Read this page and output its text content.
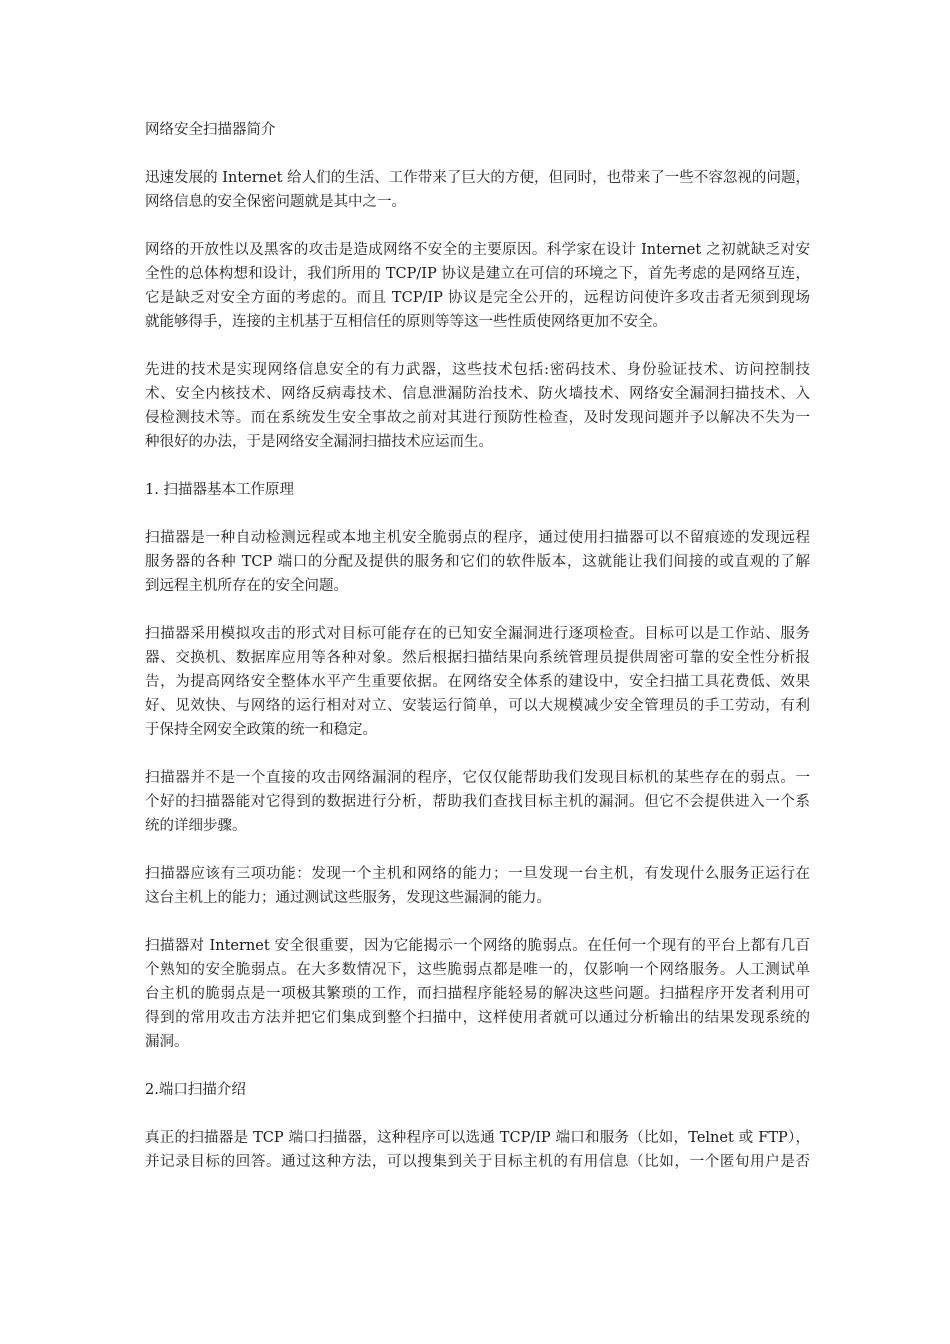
网络安全扫描器简介
迅速发展的 Internet 给人们的生活、工作带来了巨大的方便，但同时，也带来了一些不容忽视的问题，
网络信息的安全保密问题就是其中之一。
网络的开放性以及黑客的攻击是造成网络不安全的主要原因。科学家在设计 Internet 之初就缺乏对安
全性的总体构想和设计，我们所用的 TCP/IP 协议是建立在可信的环境之下，首先考虑的是网络互连，
它是缺乏对安全方面的考虑的。而且 TCP/IP 协议是完全公开的，远程访问使许多攻击者无须到现场
就能够得手，连接的主机基于互相信任的原则等等这一些性质使网络更加不安全。
先进的技术是实现网络信息安全的有力武器，这些技术包括:密码技术、身份验证技术、访问控制技
术、安全内核技术、网络反病毒技术、信息泄漏防治技术、防火墙技术、网络安全漏洞扫描技术、入
侵检测技术等。而在系统发生安全事故之前对其进行预防性检查，及时发现问题并予以解决不失为一
种很好的办法，于是网络安全漏洞扫描技术应运而生。
1. 扫描器基本工作原理
扫描器是一种自动检测远程或本地主机安全脆弱点的程序，通过使用扫描器可以不留痕迹的发现远程
服务器的各种 TCP 端口的分配及提供的服务和它们的软件版本，这就能让我们间接的或直观的了解
到远程主机所存在的安全问题。
扫描器采用模拟攻击的形式对目标可能存在的已知安全漏洞进行逐项检查。目标可以是工作站、服务
器、交换机、数据库应用等各种对象。然后根据扫描结果向系统管理员提供周密可靠的安全性分析报
告，为提高网络安全整体水平产生重要依据。在网络安全体系的建设中，安全扫描工具花费低、效果
好、见效快、与网络的运行相对对立、安装运行简单，可以大规模减少安全管理员的手工劳动，有利
于保持全网安全政策的统一和稳定。
扫描器并不是一个直接的攻击网络漏洞的程序，它仅仅能帮助我们发现目标机的某些存在的弱点。一
个好的扫描器能对它得到的数据进行分析，帮助我们查找目标主机的漏洞。但它不会提供进入一个系
统的详细步骤。
扫描器应该有三项功能：发现一个主机和网络的能力；一旦发现一台主机，有发现什么服务正运行在
这台主机上的能力；通过测试这些服务，发现这些漏洞的能力。
扫描器对 Internet 安全很重要，因为它能揭示一个网络的脆弱点。在任何一个现有的平台上都有几百
个熟知的安全脆弱点。在大多数情况下，这些脆弱点都是唯一的，仅影响一个网络服务。人工测试单
台主机的脆弱点是一项极其繁琐的工作，而扫描程序能轻易的解决这些问题。扫描程序开发者利用可
得到的常用攻击方法并把它们集成到整个扫描中，这样使用者就可以通过分析输出的结果发现系统的
漏洞。
2.端口扫描介绍
真正的扫描器是 TCP 端口扫描器，这种程序可以选通 TCP/IP 端口和服务（比如，Telnet 或 FTP），
并记录目标的回答。通过这种方法，可以搜集到关于目标主机的有用信息（比如，一个匿旬用户是否
